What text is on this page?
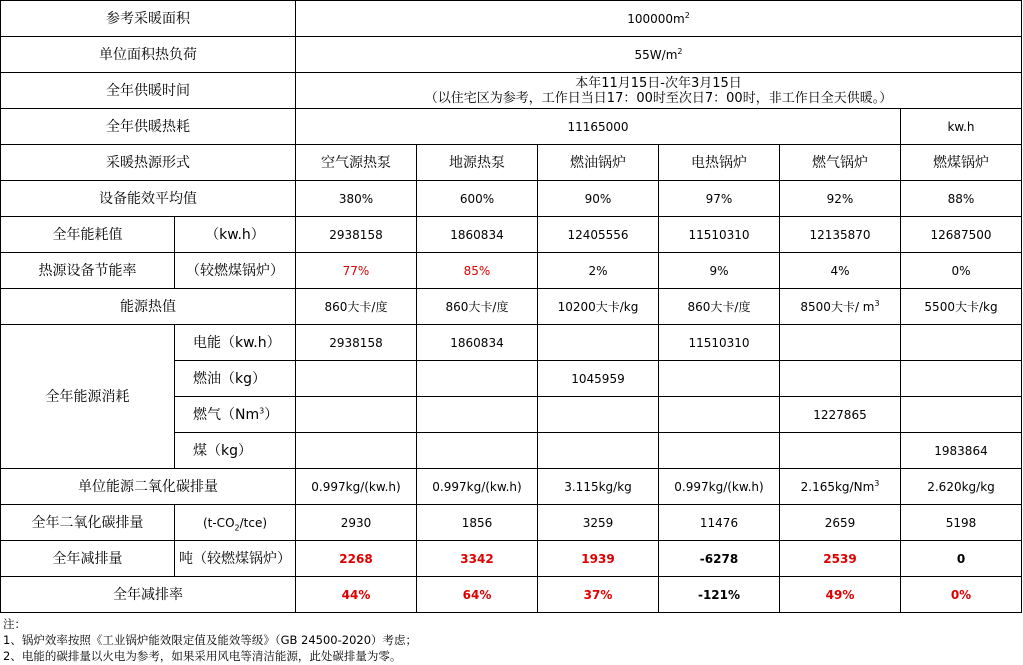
参考采暖面积		$100000m^2$
单位面积热负荷		$55W/m^2$
全年供暖时间		本年11月15日-次年3月15日
（以住宅区为参考，工作日当日17：00时至次日7：00时，非工作日全天供暖。）					

全年供暖热耗		11165000					kw.h
采暖热源形式		空气源热泵	地源热泵	燃油锅炉	电热锅炉	燃气锅炉	燃煤锅炉
设备能效平均值		380%	600%	90%	97%	92%	88%
全年能耗值	（kw.h）	2938158	1860834	12405556	11510310	12135870	12687500
热源设备节能率	（较燃煤锅炉）	77%	85%	2%	9%	4%	0%
能源热值		860大卡/度	860大卡/度	10200大卡/kg	860大卡/度	8500大卡/ $m^3$	5500大卡/kg
全年能源消耗	电能（kw.h）	2938158	1860834		11510310		
	燃油（kg）			1045959			
	燃气（Nm$^3$）					1227865	
	煤（kg）						1983864
单位能源二氧化碳排量		0.997kg/(kw.h)	0.997kg/(kw.h)	3.115kg/kg	0.997kg/(kw.h)	2.165kg/Nm$^3$	2.620kg/kg
全年二氧化碳排量	$(t-CO_2/tce)$	2930	1856	3259	11476	2659	5198
全年减排量	吨（较燃煤锅炉）	2268	3342	1939	-6278	2539	0
全年减排率		44%	64%	37%	-121%	49%	0%
注：
1、锅炉效率按照《工业锅炉能效限定值及能效等级》（GB 24500-2020）考虑；
2、电能的碳排量以火电为参考，如果采用风电等清洁能源，此处碳排量为零。
